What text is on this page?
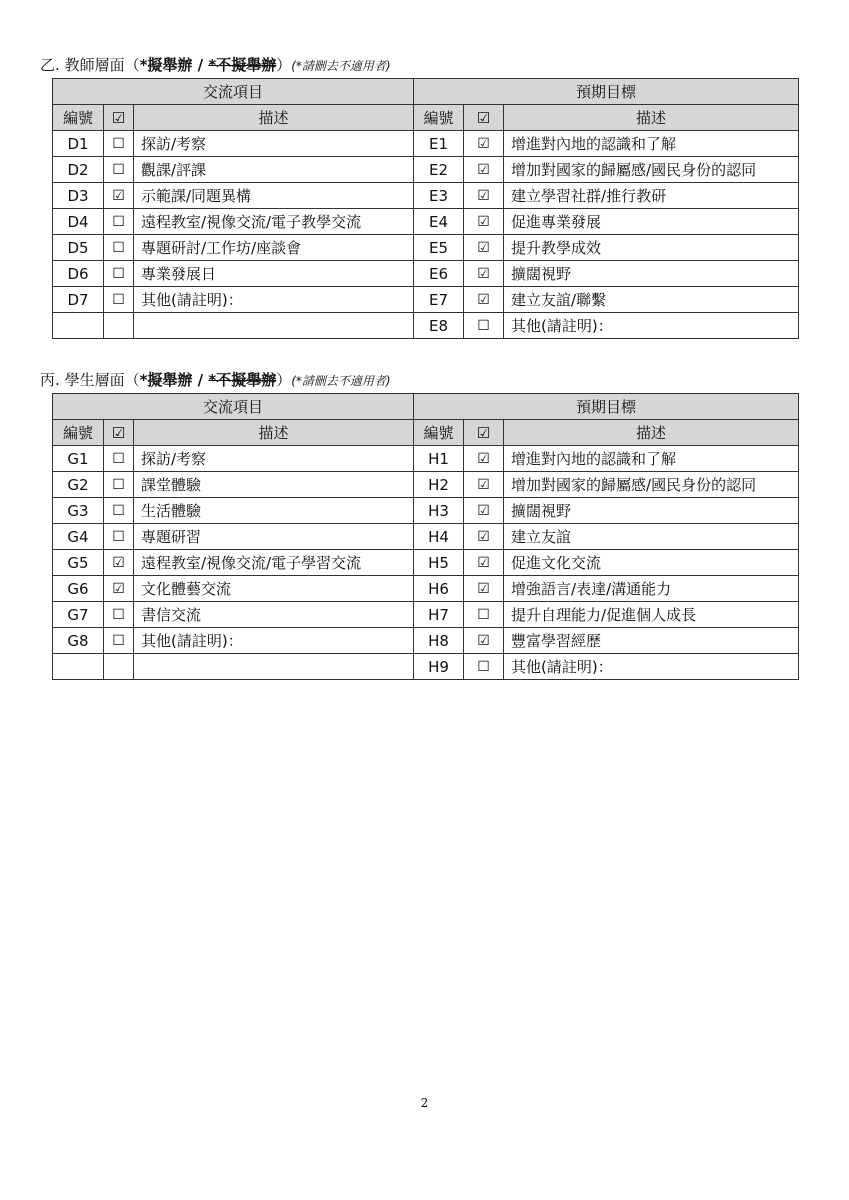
乙. 教師層面（*擬舉辦 / *不擬舉辦）(*請刪去不適用者)
交流項目			預期目標		
編號	☑	描述	編號	☑	描述
D1	☐	探訪/考察	E1	☑	增進對內地的認識和了解
D2	☐	觀課/評課	E2	☑	增加對國家的歸屬感/國民身份的認同
D3	☑	示範課/同題異構	E3	☑	建立學習社群/推行教研
D4	☐	遠程教室/視像交流/電子教學交流	E4	☑	促進專業發展
D5	☐	專題研討/工作坊/座談會	E5	☑	提升教學成效
D6	☐	專業發展日	E6	☑	擴闊視野
D7	☐	其他(請註明)：	E7	☑	建立友誼/聯繫
			E8	☐	其他(請註明)：
丙. 學生層面（*擬舉辦 / *不擬舉辦）(*請刪去不適用者)
交流項目			預期目標		
編號	☑	描述	編號	☑	描述
G1	☐	探訪/考察	H1	☑	增進對內地的認識和了解
G2	☐	課堂體驗	H2	☑	增加對國家的歸屬感/國民身份的認同
G3	☐	生活體驗	H3	☑	擴闊視野
G4	☐	專題研習	H4	☑	建立友誼
G5	☑	遠程教室/視像交流/電子學習交流	H5	☑	促進文化交流
G6	☑	文化體藝交流	H6	☑	增強語言/表達/溝通能力
G7	☐	書信交流	H7	☐	提升自理能力/促進個人成長
G8	☐	其他(請註明)：	H8	☑	豐富學習經歷
			H9	☐	其他(請註明)：
2
